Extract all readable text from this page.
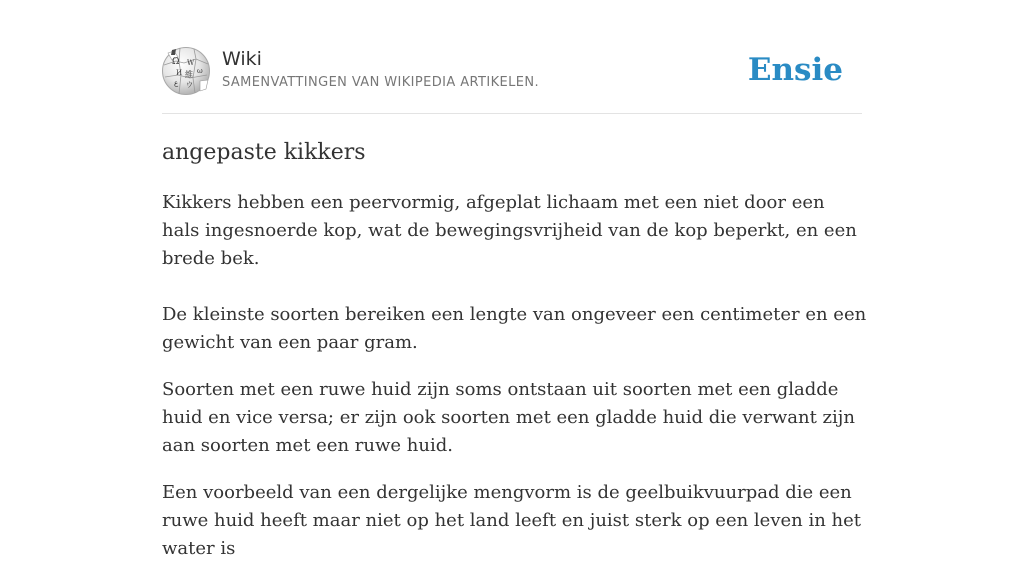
Ω W
И 維
ع ウ
ω
Wiki
SAMENVATTINGEN VAN WIKIPEDIA ARTIKELEN.	Ensie
angepaste kikkers

Kikkers hebben een peervormig, afgeplat lichaam met een niet door een hals ingesnoerde kop, wat de bewegingsvrijheid van de kop beperkt, en een brede bek.

De kleinste soorten bereiken een lengte van ongeveer een centimeter en een gewicht van een paar gram.

Soorten met een ruwe huid zijn soms ontstaan uit soorten met een gladde huid en vice versa; er zijn ook soorten met een gladde huid die verwant zijn aan soorten met een ruwe huid.

Een voorbeeld van een dergelijke mengvorm is de geelbuikvuurpad die een ruwe huid heeft maar niet op het land leeft en juist sterk op een leven in het water is
